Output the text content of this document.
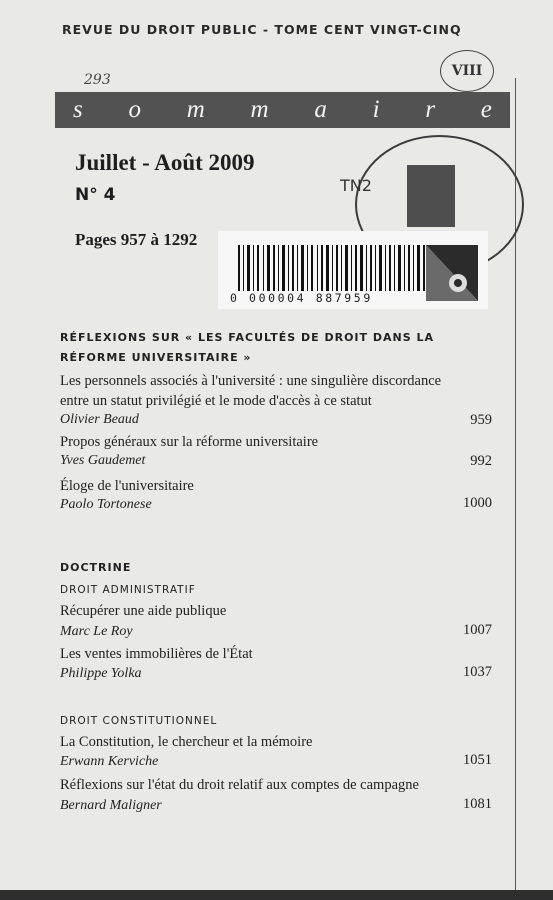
REVUE DU DROIT PUBLIC - TOME CENT VINGT-CINQ
293
VIII
s o m m a i r e
Juillet - Août 2009
N° 4
Pages 957 à 1292
TN2
0 000004 887959
RÉFLEXIONS SUR « LES FACULTÉS DE DROIT DANS LA
RÉFORME UNIVERSITAIRE »
Les personnels associés à l'université : une singulière discordance
entre un statut privilégié et le mode d'accès à ce statut
Olivier Beaud	959
Propos généraux sur la réforme universitaire
Yves Gaudemet	992
Éloge de l'universitaire
Paolo Tortonese	1000
DOCTRINE
DROIT ADMINISTRATIF
Récupérer une aide publique
Marc Le Roy	1007
Les ventes immobilières de l'État
Philippe Yolka	1037
DROIT CONSTITUTIONNEL
La Constitution, le chercheur et la mémoire
Erwann Kerviche	1051
Réflexions sur l'état du droit relatif aux comptes de campagne
Bernard Maligner	1081
